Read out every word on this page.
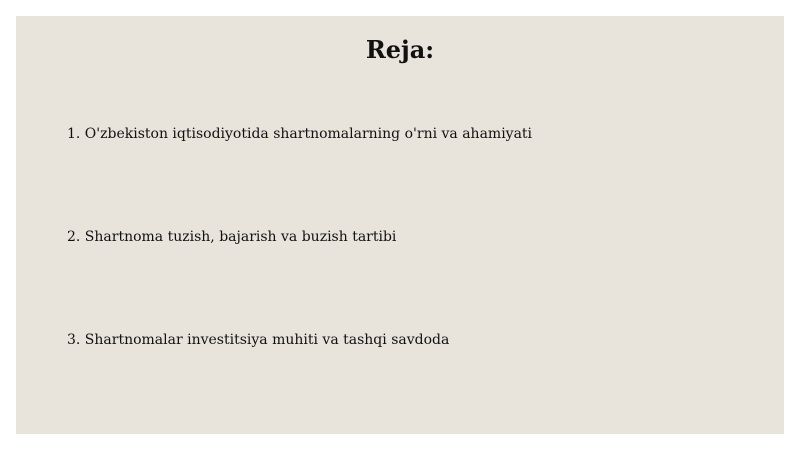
Reja:
1. O'zbekiston iqtisodiyotida shartnomalarning o'rni va ahamiyati
2. Shartnoma tuzish, bajarish va buzish tartibi
3. Shartnomalar investitsiya muhiti va tashqi savdoda
